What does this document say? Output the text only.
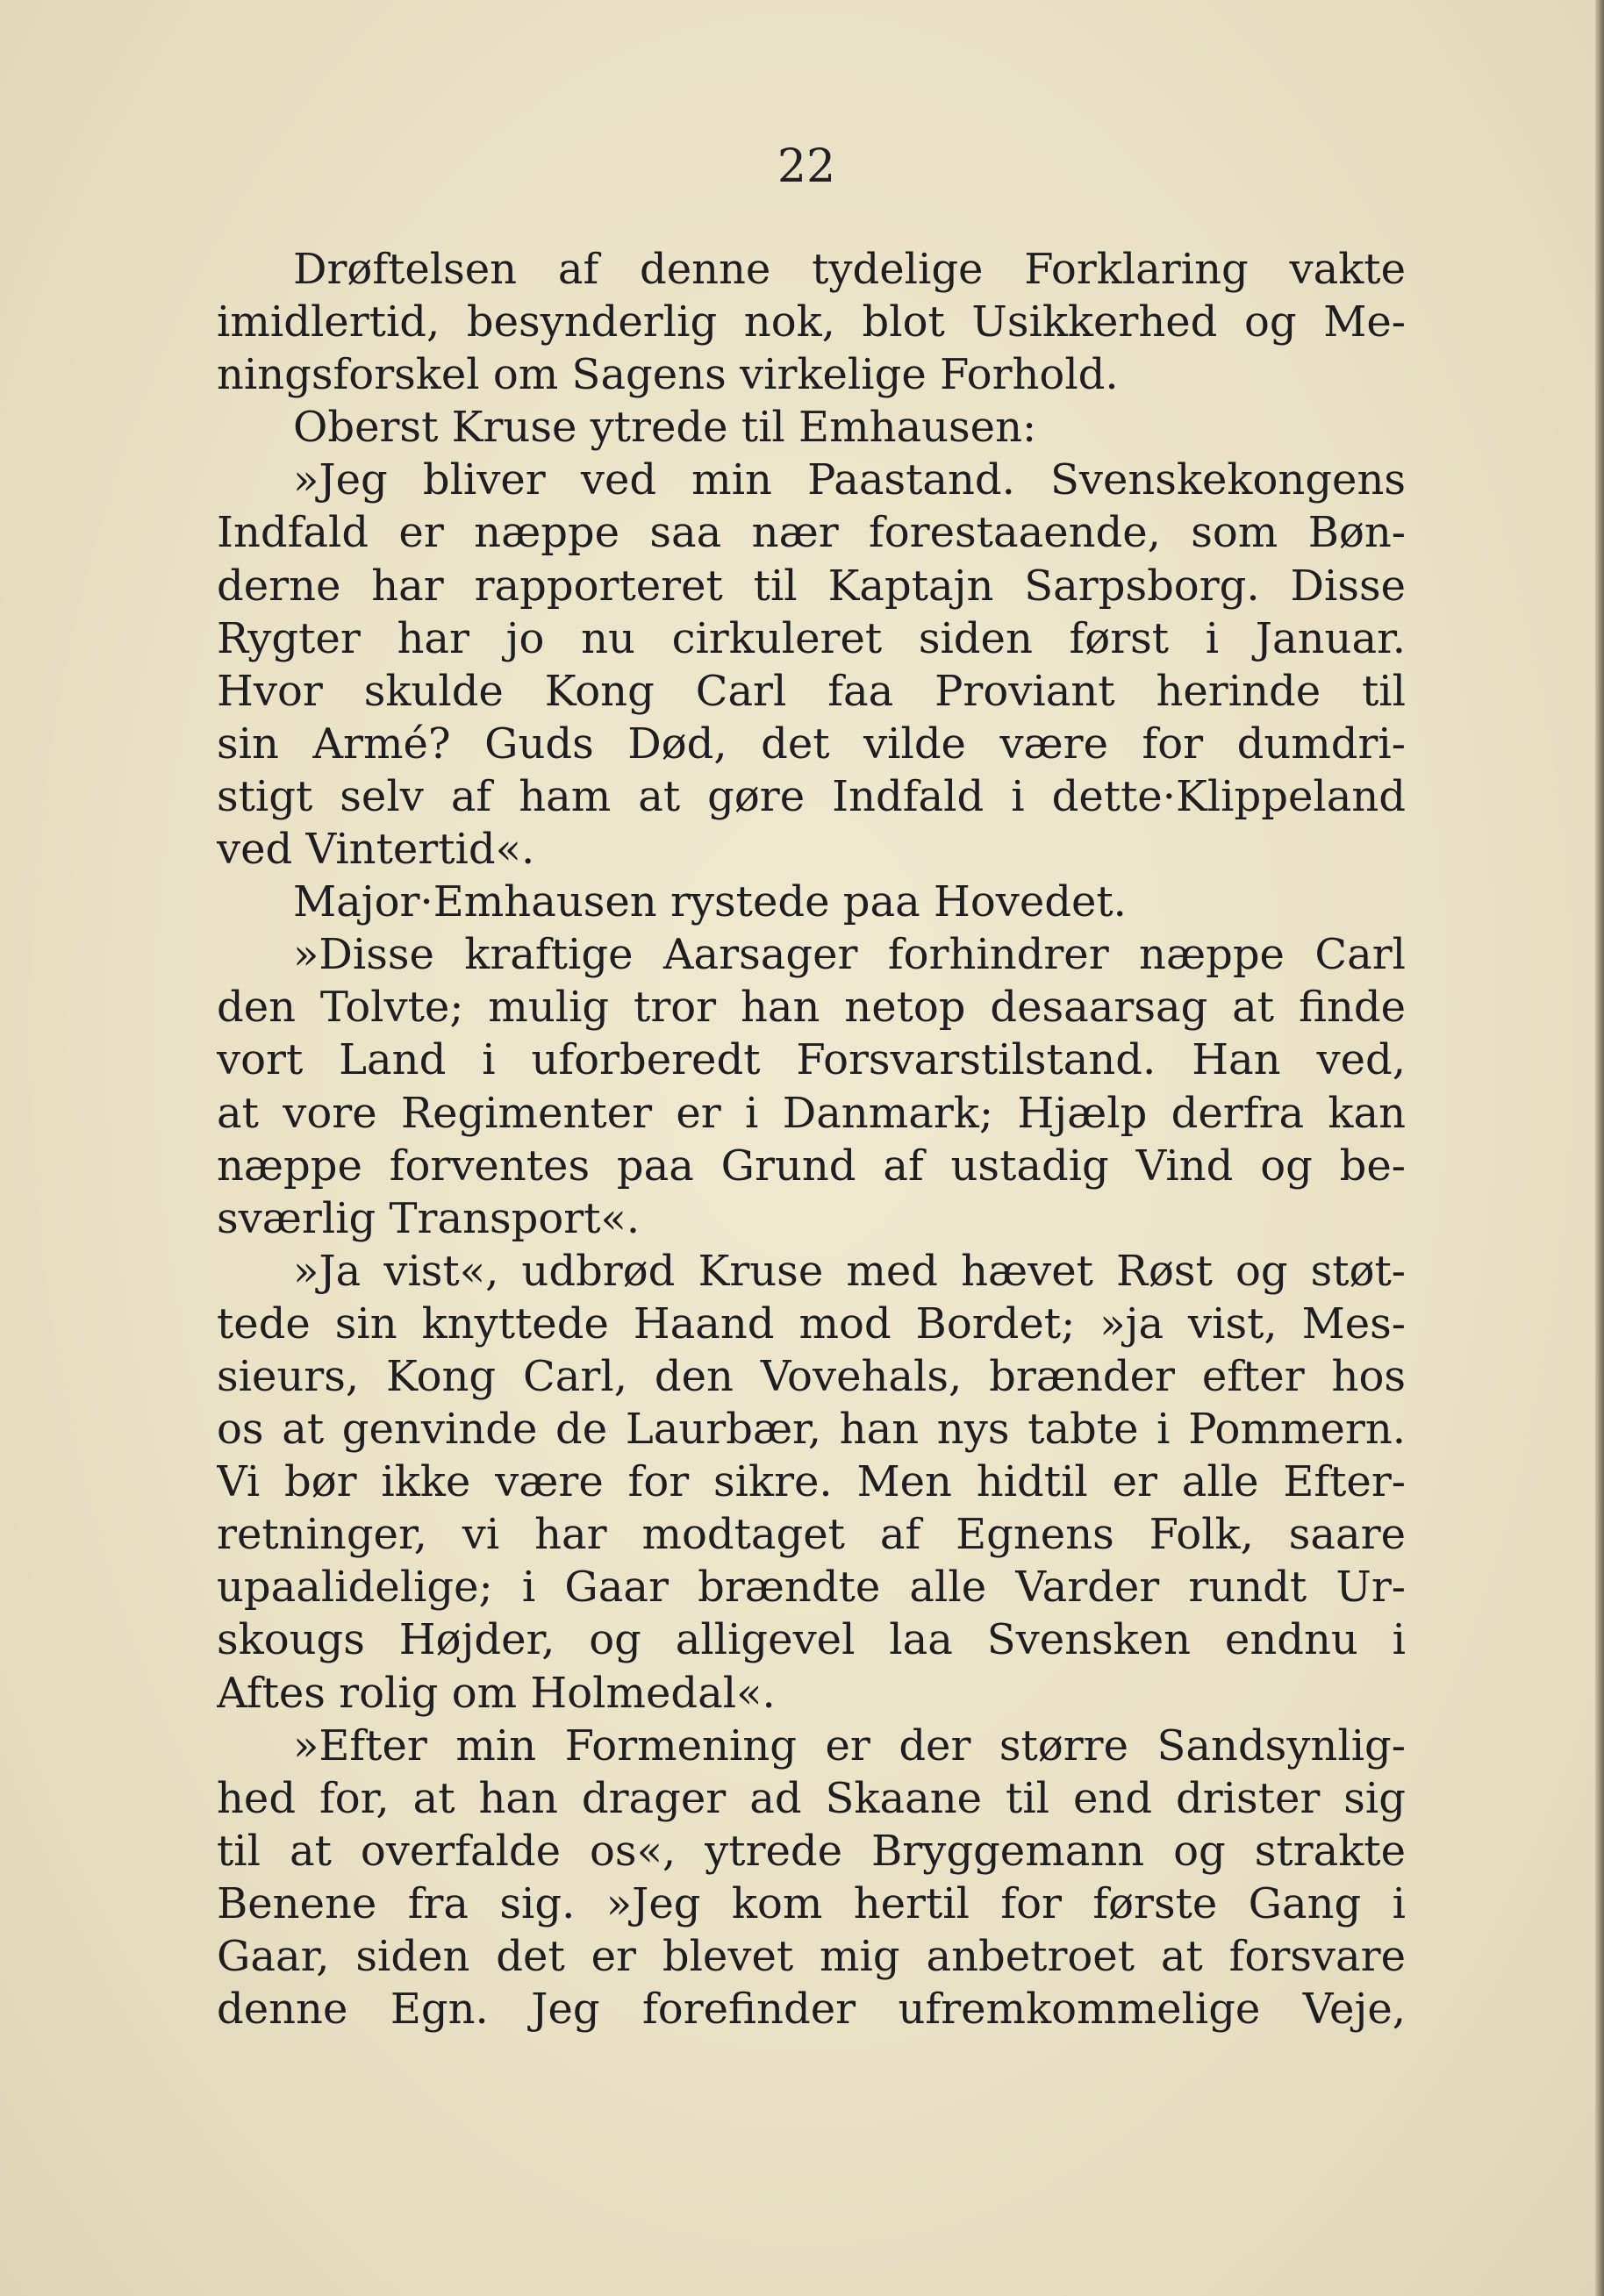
22
Drøftelsen af denne tydelige Forklaring vakte
imidlertid, besynderlig nok, blot Usikkerhed og Me-
ningsforskel om Sagens virkelige Forhold.
Oberst Kruse ytrede til Emhausen:
»Jeg bliver ved min Paastand. Svenskekongens
Indfald er næppe saa nær forestaaende, som Bøn-
derne har rapporteret til Kaptajn Sarpsborg. Disse
Rygter har jo nu cirkuleret siden først i Januar.
Hvor skulde Kong Carl faa Proviant herinde til
sin Armé? Guds Død, det vilde være for dumdri-
stigt selv af ham at gøre Indfald i dette·Klippeland
ved Vintertid«.
Major·Emhausen rystede paa Hovedet.
»Disse kraftige Aarsager forhindrer næppe Carl
den Tolvte; mulig tror han netop desaarsag at finde
vort Land i uforberedt Forsvarstilstand. Han ved,
at vore Regimenter er i Danmark; Hjælp derfra kan
næppe forventes paa Grund af ustadig Vind og be-
sværlig Transport«.
»Ja vist«, udbrød Kruse med hævet Røst og støt-
tede sin knyttede Haand mod Bordet; »ja vist, Mes-
sieurs, Kong Carl, den Vovehals, brænder efter hos
os at genvinde de Laurbær, han nys tabte i Pommern.
Vi bør ikke være for sikre. Men hidtil er alle Efter-
retninger, vi har modtaget af Egnens Folk, saare
upaalidelige; i Gaar brændte alle Varder rundt Ur-
skougs Højder, og alligevel laa Svensken endnu i
Aftes rolig om Holmedal«.
»Efter min Formening er der større Sandsynlig-
hed for, at han drager ad Skaane til end drister sig
til at overfalde os«, ytrede Bryggemann og strakte
Benene fra sig. »Jeg kom hertil for første Gang i
Gaar, siden det er blevet mig anbetroet at forsvare
denne Egn. Jeg forefinder ufremkommelige Veje,
